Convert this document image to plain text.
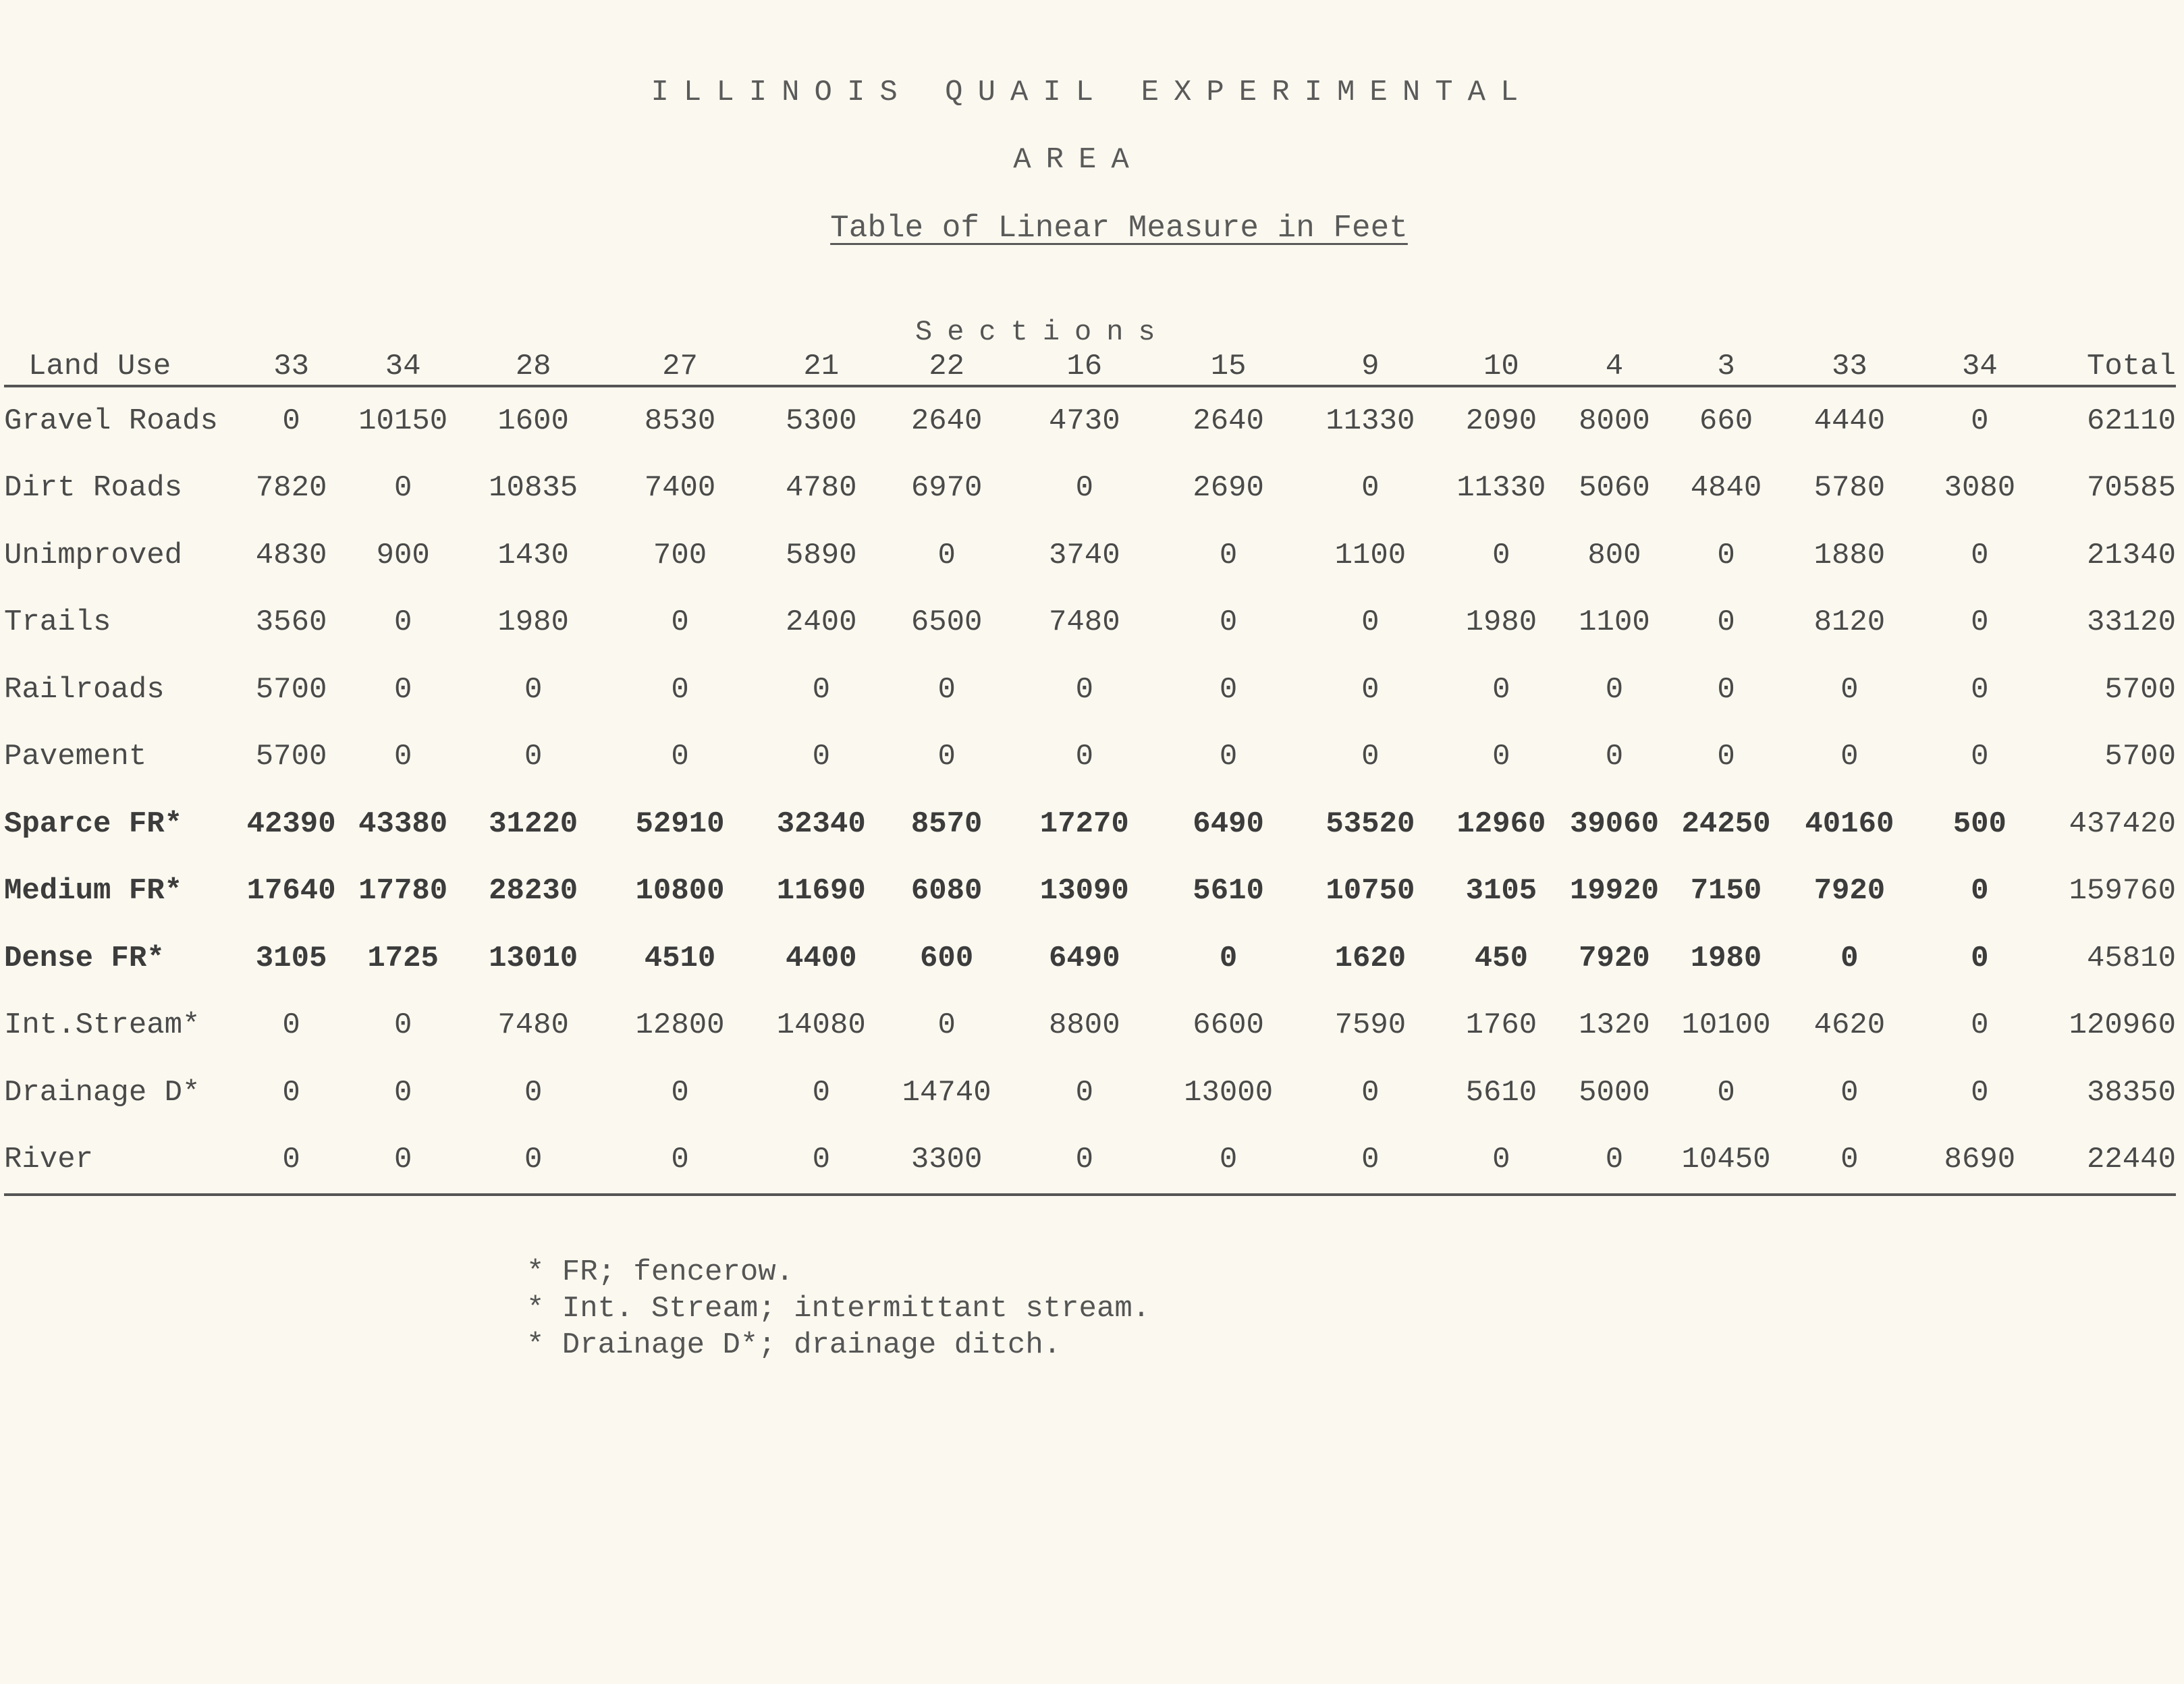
ILLINOIS QUAIL EXPERIMENTAL
AREA
Table of Linear Measure in Feet
Sections
Land Use	33	34	28	27	21	22	16	15	9	10	4	3	33	34	Total
Gravel Roads	0	10150	1600	8530	5300	2640	4730	2640	11330	2090	8000	660	4440	0	62110
Dirt Roads	7820	0	10835	7400	4780	6970	0	2690	0	11330	5060	4840	5780	3080	70585
Unimproved	4830	900	1430	700	5890	0	3740	0	1100	0	800	0	1880	0	21340
Trails	3560	0	1980	0	2400	6500	7480	0	0	1980	1100	0	8120	0	33120
Railroads	5700	0	0	0	0	0	0	0	0	0	0	0	0	0	5700
Pavement	5700	0	0	0	0	0	0	0	0	0	0	0	0	0	5700
Sparce FR*	42390	43380	31220	52910	32340	8570	17270	6490	53520	12960	39060	24250	40160	500	437420
Medium FR*	17640	17780	28230	10800	11690	6080	13090	5610	10750	3105	19920	7150	7920	0	159760
Dense FR*	3105	1725	13010	4510	4400	600	6490	0	1620	450	7920	1980	0	0	45810
Int.Stream*	0	0	7480	12800	14080	0	8800	6600	7590	1760	1320	10100	4620	0	120960
Drainage D*	0	0	0	0	0	14740	0	13000	0	5610	5000	0	0	0	38350
River	0	0	0	0	0	3300	0	0	0	0	0	10450	0	8690	22440
* FR; fencerow.
* Int. Stream; intermittant stream.
* Drainage D*; drainage ditch.
